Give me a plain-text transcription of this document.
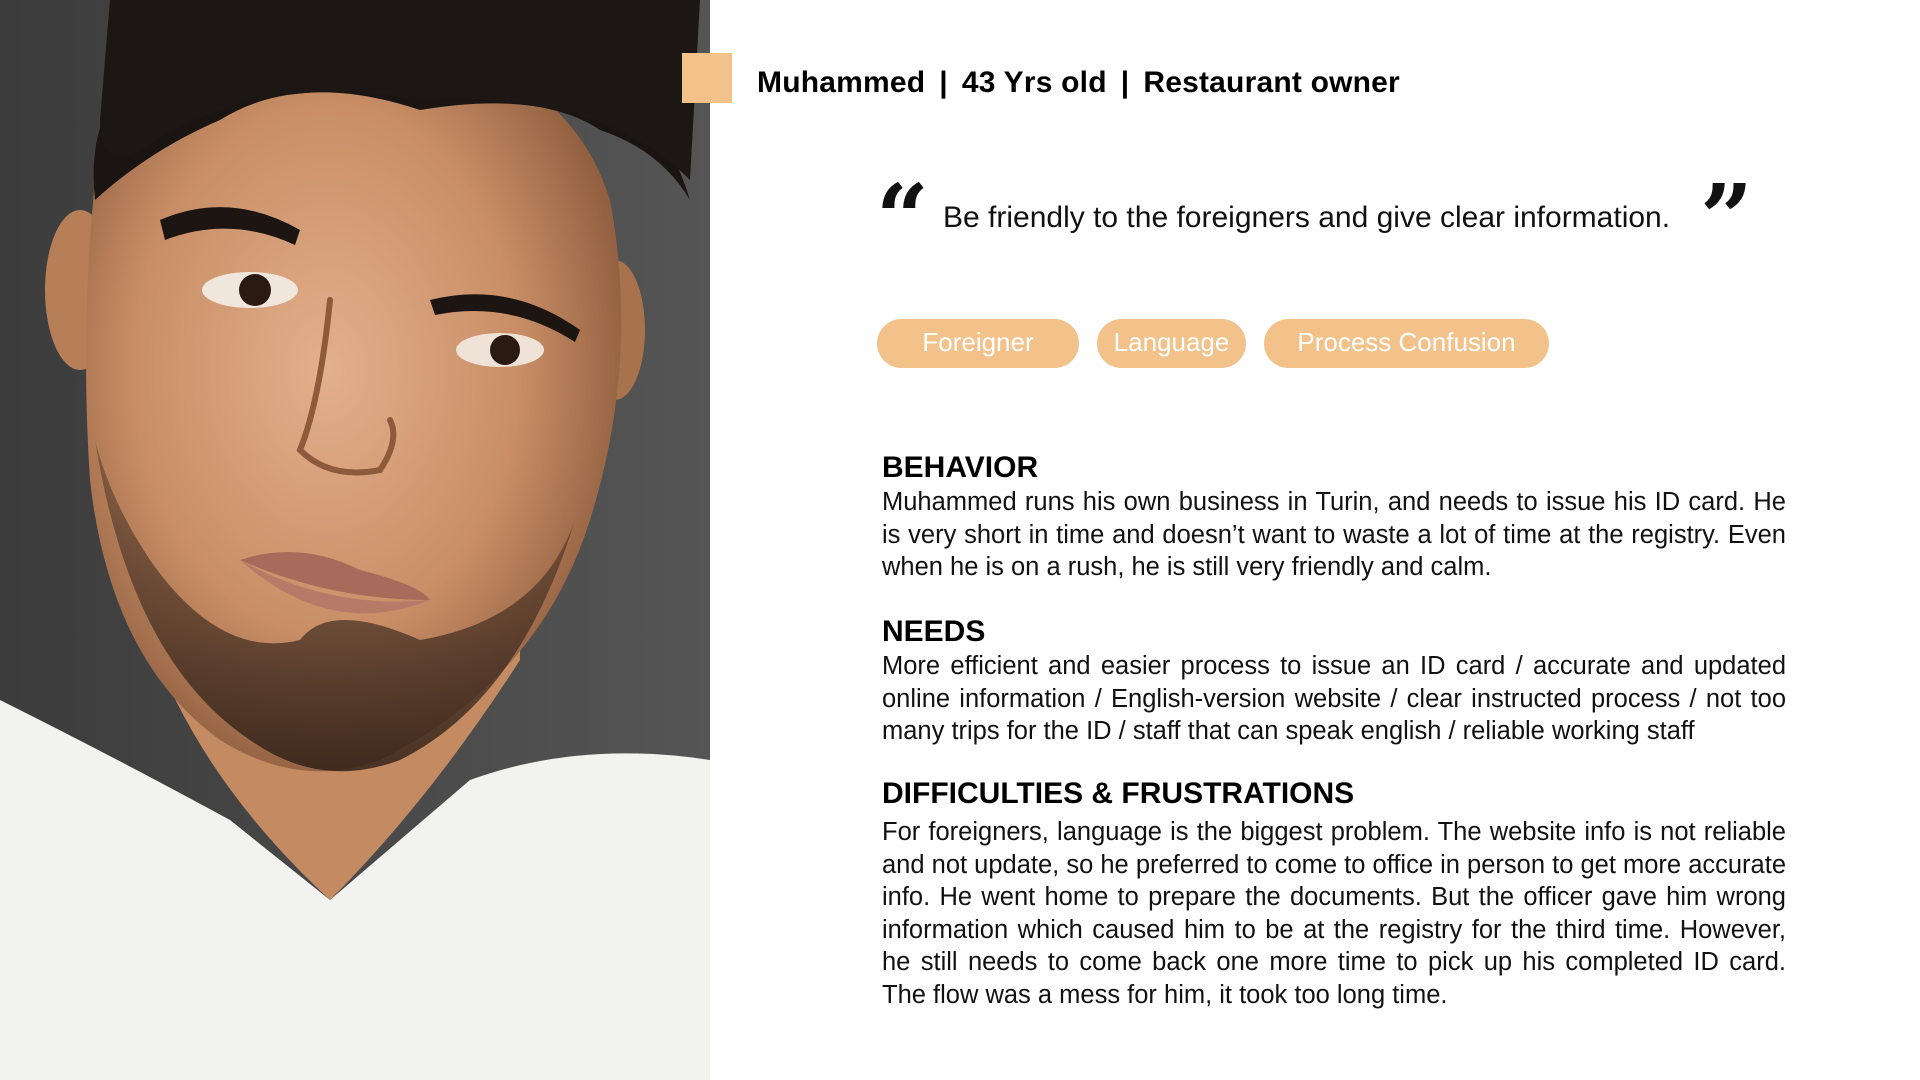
Muhammed | 43 Yrs old | Restaurant owner
“ Be friendly to the foreigners and give clear information. ”
Foreigner	Language	Process Confusion
BEHAVIOR

Muhammed runs his own business in Turin, and needs to issue his ID card. He is very short in time and doesn’t want to waste a lot of time at the registry. Even when he is on a rush, he is still very friendly and calm.

NEEDS

More efficient and easier process to issue an ID card / accurate and updated online information / English-version website / clear instructed process / not too many trips for the ID / staff that can speak english / reliable working staff

DIFFICULTIES & FRUSTRATIONS

For foreigners, language is the biggest problem. The website info is not reliable and not update, so he preferred to come to office in person to get more accurate info. He went home to prepare the documents. But the officer gave him wrong information which caused him to be at the registry for the third time. However, he still needs to come back one more time to pick up his completed ID card. The flow was a mess for him, it took too long time.
